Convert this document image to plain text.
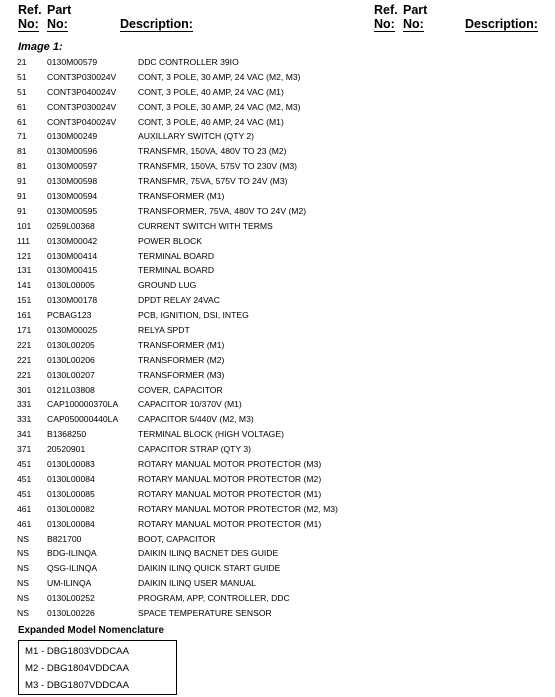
Ref. Part
No: No:	Description:
Ref. Part
No: No:	Description:
Image 1:
21 0130M00579	DDC CONTROLLER 39IO
51 CONT3P030024V	CONT, 3 POLE, 30 AMP, 24 VAC (M2, M3)
51 CONT3P040024V	CONT, 3 POLE, 40 AMP, 24 VAC (M1)
61 CONT3P030024V	CONT, 3 POLE, 30 AMP, 24 VAC (M2, M3)
61 CONT3P040024V	CONT, 3 POLE, 40 AMP, 24 VAC (M1)
71 0130M00249	AUXILLARY SWITCH (QTY 2)
81 0130M00596	TRANSFMR, 150VA, 480V TO 23 (M2)
81 0130M00597	TRANSFMR, 150VA, 575V TO 230V (M3)
91 0130M00598	TRANSFMR, 75VA, 575V TO 24V (M3)
91 0130M00594	TRANSFORMER (M1)
91 0130M00595	TRANSFORMER, 75VA, 480V TO 24V (M2)
101 0259L00368	CURRENT SWITCH WITH TERMS
111 0130M00042	POWER BLOCK
121 0130M00414	TERMINAL BOARD
131 0130M00415	TERMINAL BOARD
141 0130L00005	GROUND LUG
151 0130M00178	DPDT RELAY 24VAC
161 PCBAG123	PCB, IGNITION, DSI, INTEG
171 0130M00025	RELYA SPDT
221 0130L00205	TRANSFORMER (M1)
221 0130L00206	TRANSFORMER (M2)
221 0130L00207	TRANSFORMER (M3)
301 0121L03808	COVER, CAPACITOR
331 CAP100000370LA CAPACITOR 10/370V (M1)
331 CAP050000440LA CAPACITOR 5/440V (M2, M3)
341 B1368250	TERMINAL BLOCK (HIGH VOLTAGE)
371 20520901	CAPACITOR STRAP (QTY 3)
451 0130L00083	ROTARY MANUAL MOTOR PROTECTOR (M3)
451 0130L00084	ROTARY MANUAL MOTOR PROTECTOR (M2)
451 0130L00085	ROTARY MANUAL MOTOR PROTECTOR (M1)
461 0130L00082	ROTARY MANUAL MOTOR PROTECTOR (M2, M3)
461 0130L00084	ROTARY MANUAL MOTOR PROTECTOR (M1)
NS B821700	BOOT, CAPACITOR
NS BDG-ILINQA	DAIKIN ILINQ BACNET DES GUIDE
NS QSG-ILINQA	DAIKIN ILINQ QUICK START GUIDE
NS UM-ILINQA	DAIKIN ILINQ USER MANUAL
NS 0130L00252	PROGRAM, APP, CONTROLLER, DDC
NS 0130L00226	SPACE TEMPERATURE SENSOR
Expanded Model Nomenclature
M1 - DBG1803VDDCAA
M2 - DBG1804VDDCAA
M3 - DBG1807VDDCAA
